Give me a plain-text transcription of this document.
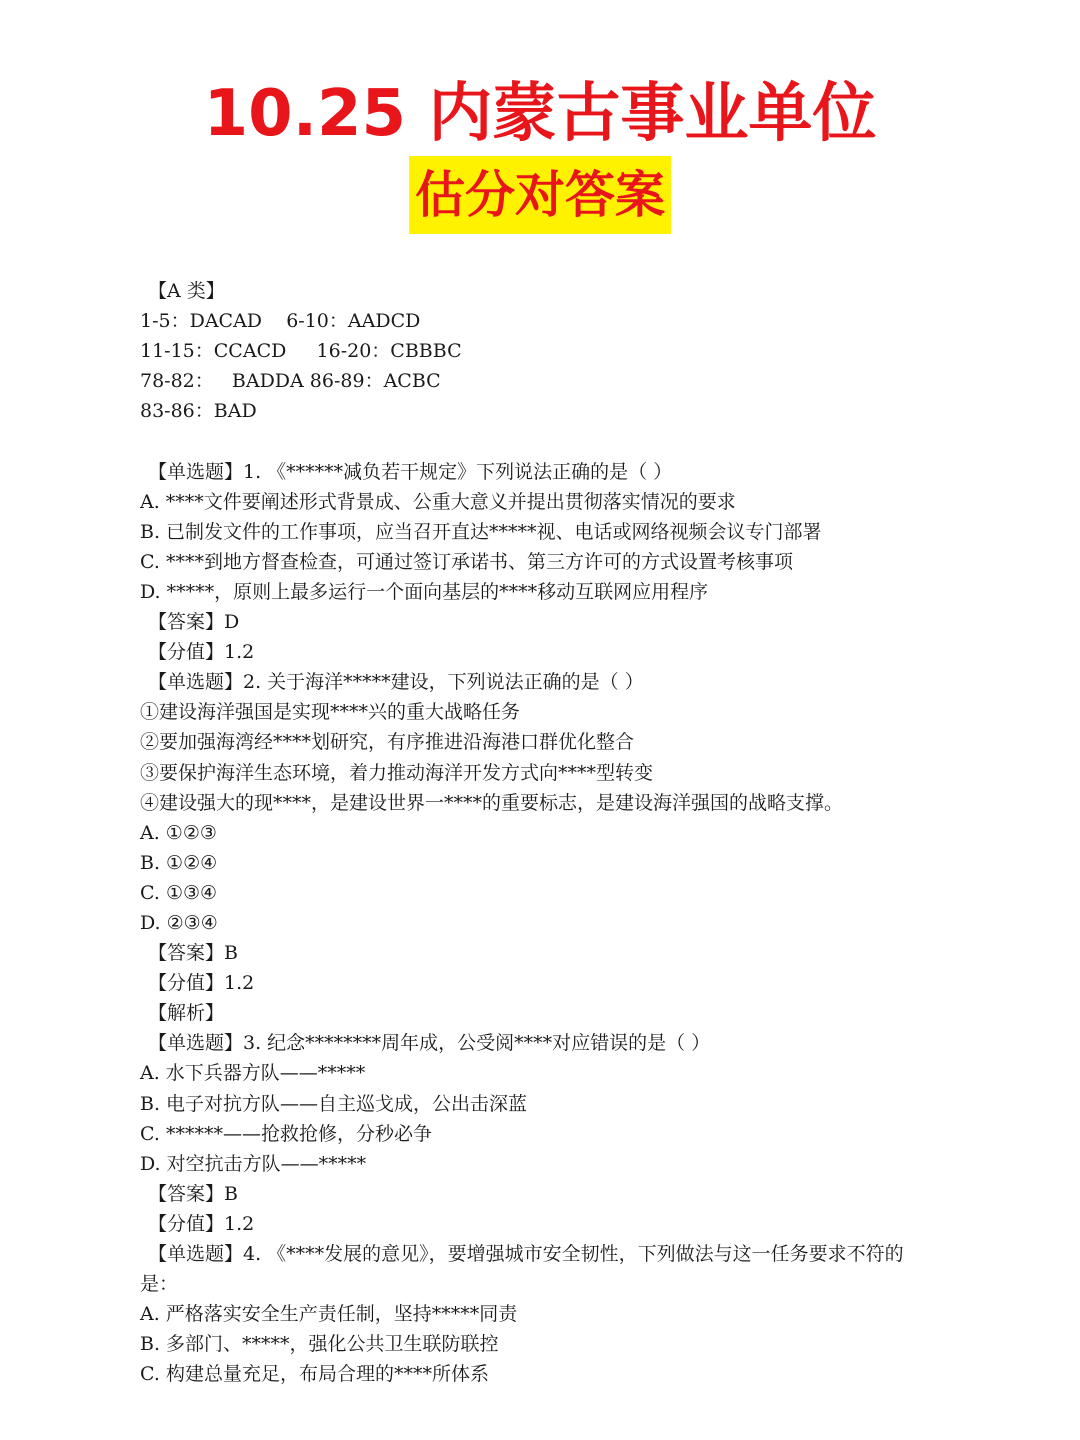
10.25 内蒙古事业单位
估分对答案
【A 类】
1-5：DACAD    6-10：AADCD
11-15：CCACD     16-20：CBBBC
78-82：   BADDA 86-89：ACBC
83-86：BAD
【单选题】1. 《******减负若干规定》下列说法正确的是（ ）
A. ****文件要阐述形式背景成、公重大意义并提出贯彻落实情况的要求
B. 已制发文件的工作事项，应当召开直达*****视、电话或网络视频会议专门部署
C. ****到地方督查检查，可通过签订承诺书、第三方许可的方式设置考核事项
D. *****，原则上最多运行一个面向基层的****移动互联网应用程序
【答案】D
【分值】1.2
【单选题】2. 关于海洋*****建设，下列说法正确的是（ ）
①建设海洋强国是实现****兴的重大战略任务
②要加强海湾经****划研究，有序推进沿海港口群优化整合
③要保护海洋生态环境，着力推动海洋开发方式向****型转变
④建设强大的现****，是建设世界一****的重要标志，是建设海洋强国的战略支撑。
A. ①②③
B. ①②④
C. ①③④
D. ②③④
【答案】B
【分值】1.2
【解析】
【单选题】3. 纪念********周年成，公受阅****对应错误的是（ ）
A. 水下兵器方队——*****
B. 电子对抗方队——自主巡戈成，公出击深蓝
C. ******——抢救抢修，分秒必争
D. 对空抗击方队——*****
【答案】B
【分值】1.2
【单选题】4. 《****发展的意见》，要增强城市安全韧性，下列做法与这一任务要求不符的
是：
A. 严格落实安全生产责任制，坚持*****同责
B. 多部门、*****，强化公共卫生联防联控
C. 构建总量充足，布局合理的****所体系
